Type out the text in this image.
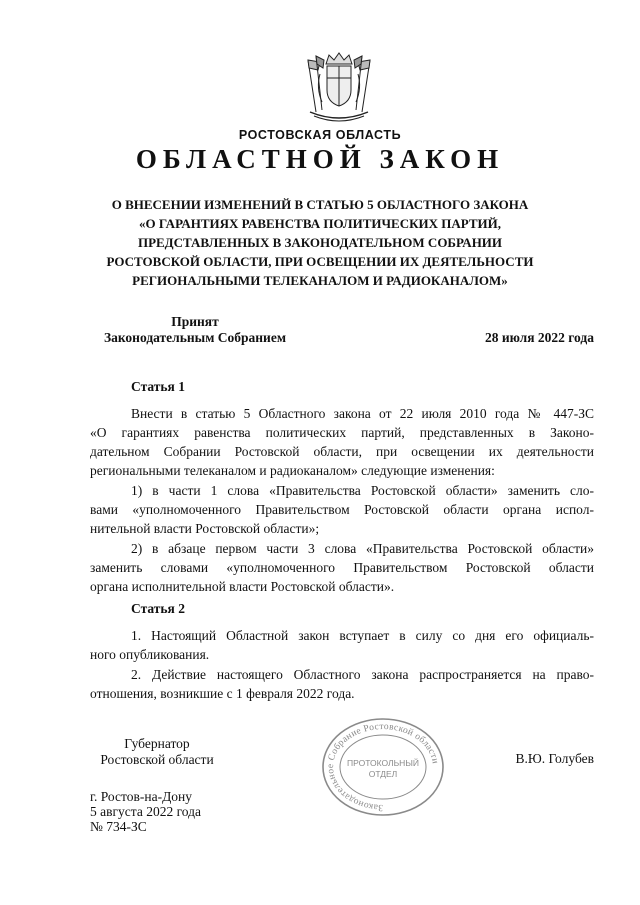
РОСТОВСКАЯ ОБЛАСТЬ
ОБЛАСТНОЙ ЗАКОН
О ВНЕСЕНИИ ИЗМЕНЕНИЙ В СТАТЬЮ 5 ОБЛАСТНОГО ЗАКОНА
«О ГАРАНТИЯХ РАВЕНСТВА ПОЛИТИЧЕСКИХ ПАРТИЙ,
ПРЕДСТАВЛЕННЫХ В ЗАКОНОДАТЕЛЬНОМ СОБРАНИИ
РОСТОВСКОЙ ОБЛАСТИ, ПРИ ОСВЕЩЕНИИ ИХ ДЕЯТЕЛЬНОСТИ
РЕГИОНАЛЬНЫМИ ТЕЛЕКАНАЛОМ И РАДИОКАНАЛОМ»
Принят
Законодательным Собранием	28 июля 2022 года
Статья 1
Внести в статью 5 Областного закона от 22 июля 2010 года № 447-ЗС
«О гарантиях равенства политических партий, представленных в Законо-
дательном Собрании Ростовской области, при освещении их деятельности
региональными телеканалом и радиоканалом» следующие изменения:
1) в части 1 слова «Правительства Ростовской области» заменить сло-
вами «уполномоченного Правительством Ростовской области органа испол-
нительной власти Ростовской области»;
2) в абзаце первом части 3 слова «Правительства Ростовской области»
заменить словами «уполномоченного Правительством Ростовской области
органа исполнительной власти Ростовской области».
Статья 2
1. Настоящий Областной закон вступает в силу со дня его официаль-
ного опубликования.
2. Действие настоящего Областного закона распространяется на право-
отношения, возникшие с 1 февраля 2022 года.
Губернатор
Ростовской области
Законодательное Собрание Ростовской области
ПРОТОКОЛЬНЫЙ
ОТДЕЛ
В.Ю. Голубев
г. Ростов-на-Дону
5 августа 2022 года
№ 734-ЗС
